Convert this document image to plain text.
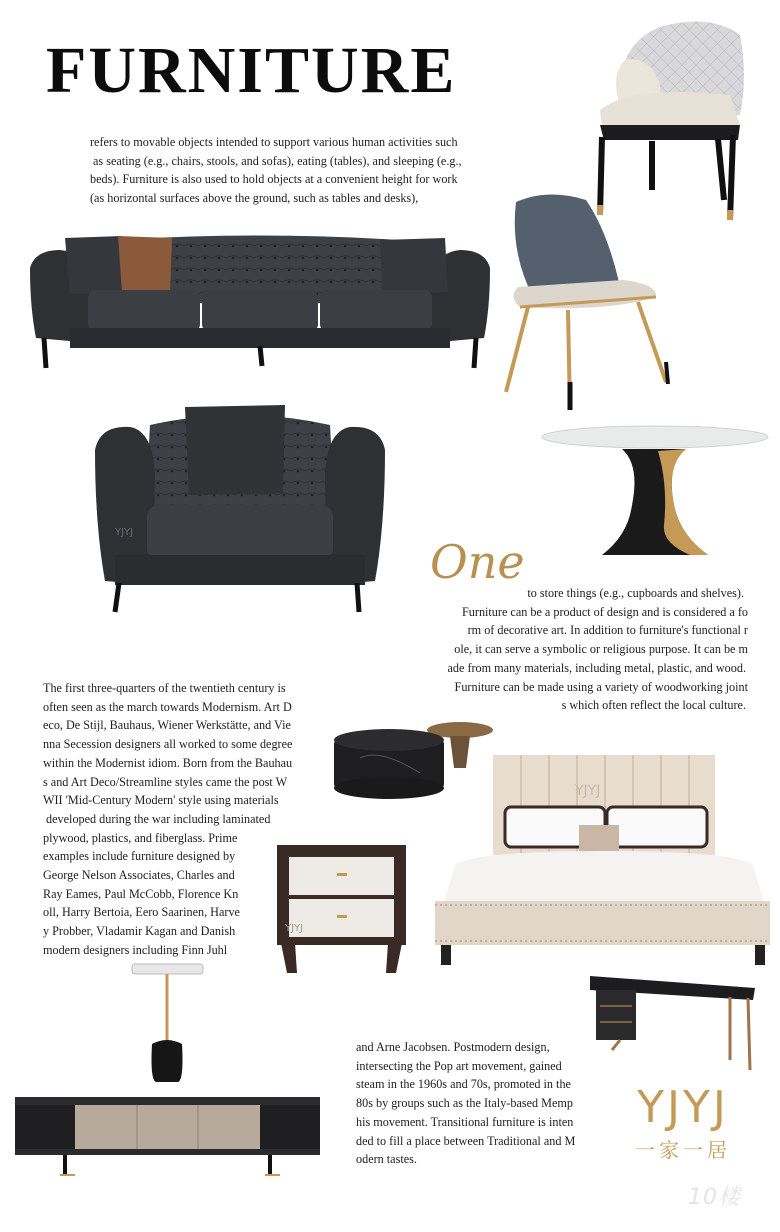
FURNITURE
refers to movable objects intended to support various human activities such
as seating (e.g., chairs, stools, and sofas), eating (tables), and sleeping (e.g.,
beds). Furniture is also used to hold objects at a convenient height for work
(as horizontal surfaces above the ground, such as tables and desks),
One
to store things (e.g., cupboards and shelves).
Furniture can be a product of design and is considered a fo
rm of decorative art. In addition to furniture's functional r
ole, it can serve a symbolic or religious purpose. It can be m
ade from many materials, including metal, plastic, and wood.
Furniture can be made using a variety of woodworking joint
s which often reflect the local culture.
The first three-quarters of the twentieth century is
often seen as the march towards Modernism. Art D
eco, De Stijl, Bauhaus, Wiener Werkstätte, and Vie
nna Secession designers all worked to some degree
within the Modernist idiom. Born from the Bauhau
s and Art Deco/Streamline styles came the post W
WII 'Mid-Century Modern' style using materials
developed during the war including laminated
plywood, plastics, and fiberglass. Prime
examples include furniture designed by
George Nelson Associates, Charles and
Ray Eames, Paul McCobb, Florence Kn
oll, Harry Bertoia, Eero Saarinen, Harve
y Probber, Vladamir Kagan and Danish
modern designers including Finn Juhl
and Arne Jacobsen. Postmodern design,
intersecting the Pop art movement, gained
steam in the 1960s and 70s, promoted in the
80s by groups such as the Italy-based Memp
his movement. Transitional furniture is inten
ded to fill a place between Traditional and M
odern tastes.
YJYJ
一家一居
10楼
YJYJ
YJYJ
YJYJ
